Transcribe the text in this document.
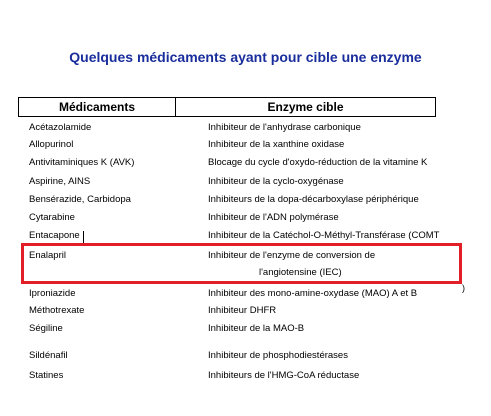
Quelques médicaments ayant pour cible une enzyme
Médicaments	Enzyme cible
Acétazolamide	Inhibiteur de l'anhydrase carbonique
Allopurinol	Inhibiteur de la xanthine oxidase
Antivitaminiques K (AVK)	Blocage du cycle d'oxydo-réduction de la vitamine K
Aspirine, AINS	Inhibiteur de la cyclo-oxygénase
Bensérazide, Carbidopa	Inhibiteurs de la dopa-décarboxylase périphérique
Cytarabine	Inhibiteur de l'ADN polymérase
Entacapone	Inhibiteur de la Catéchol-O-Méthyl-Transférase (COMT
Enalapril	Inhibiteur de l'enzyme de conversion de
l'angiotensine (IEC)
Iproniazide	Inhibiteur des mono-amine-oxydase (MAO) A et B
Méthotrexate	Inhibiteur DHFR
Ségiline	Inhibiteur de la MAO-B
Sildénafil	Inhibiteur de phosphodiestérases
Statines	Inhibiteurs de l'HMG-CoA réductase
)
